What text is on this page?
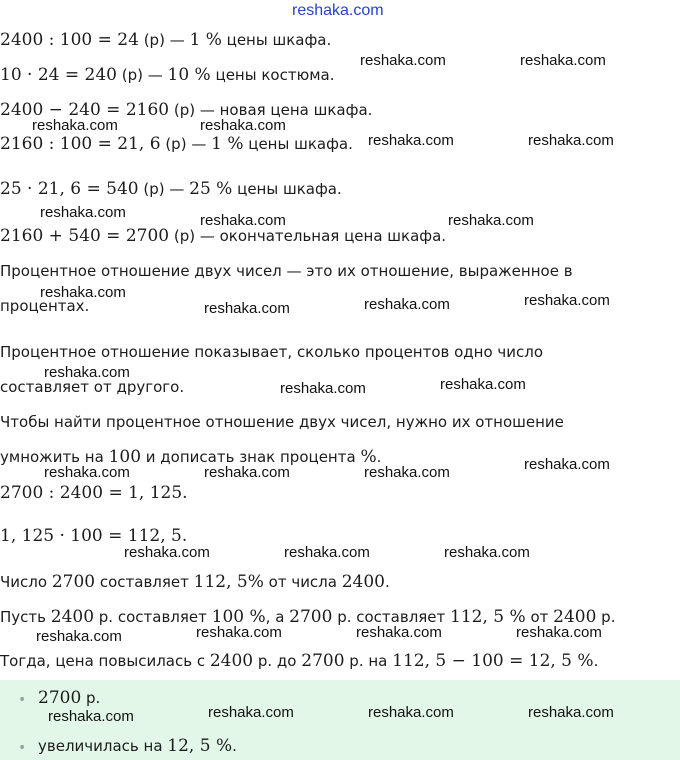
reshaka.com
2400 : 100 = 24 (р) — 1 % цены шкафа.
10 · 24 = 240 (р) — 10 % цены костюма.
2400 − 240 = 2160 (р) — новая цена шкафа.
2160 : 100 = 21, 6 (р) — 1 % цены шкафа.
25 · 21, 6 = 540 (р) — 25 % цены шкафа.
2160 + 540 = 2700 (р) — окончательная цена шкафа.
Процентное отношение двух чисел — это их отношение, выраженное в
процентах.
Процентное отношение показывает, сколько процентов одно число
составляет от другого.
Чтобы найти процентное отношение двух чисел, нужно их отношение
умножить на 100 и дописать знак процента %.
2700 : 2400 = 1, 125.
1, 125 · 100 = 112, 5.
Число 2700 составляет 112, 5% от числа 2400.
Пусть 2400 р. составляет 100 %, а 2700 р. составляет 112, 5 % от 2400 р.
Тогда, цена повысилась с 2400 р. до 2700 р. на 112, 5 − 100 = 12, 5 %.
• 2700 р.
• увеличилась на 12, 5 %.
reshaka.com	reshaka.com
reshaka.com	reshaka.com
reshaka.com	reshaka.com
reshaka.com	reshaka.com	reshaka.com
reshaka.com
reshaka.com	reshaka.com	reshaka.com
reshaka.com
reshaka.com	reshaka.com
reshaka.com	reshaka.com	reshaka.com	reshaka.com
reshaka.com	reshaka.com	reshaka.com
reshaka.com	reshaka.com	reshaka.com	reshaka.com
reshaka.com	reshaka.com	reshaka.com	reshaka.com
